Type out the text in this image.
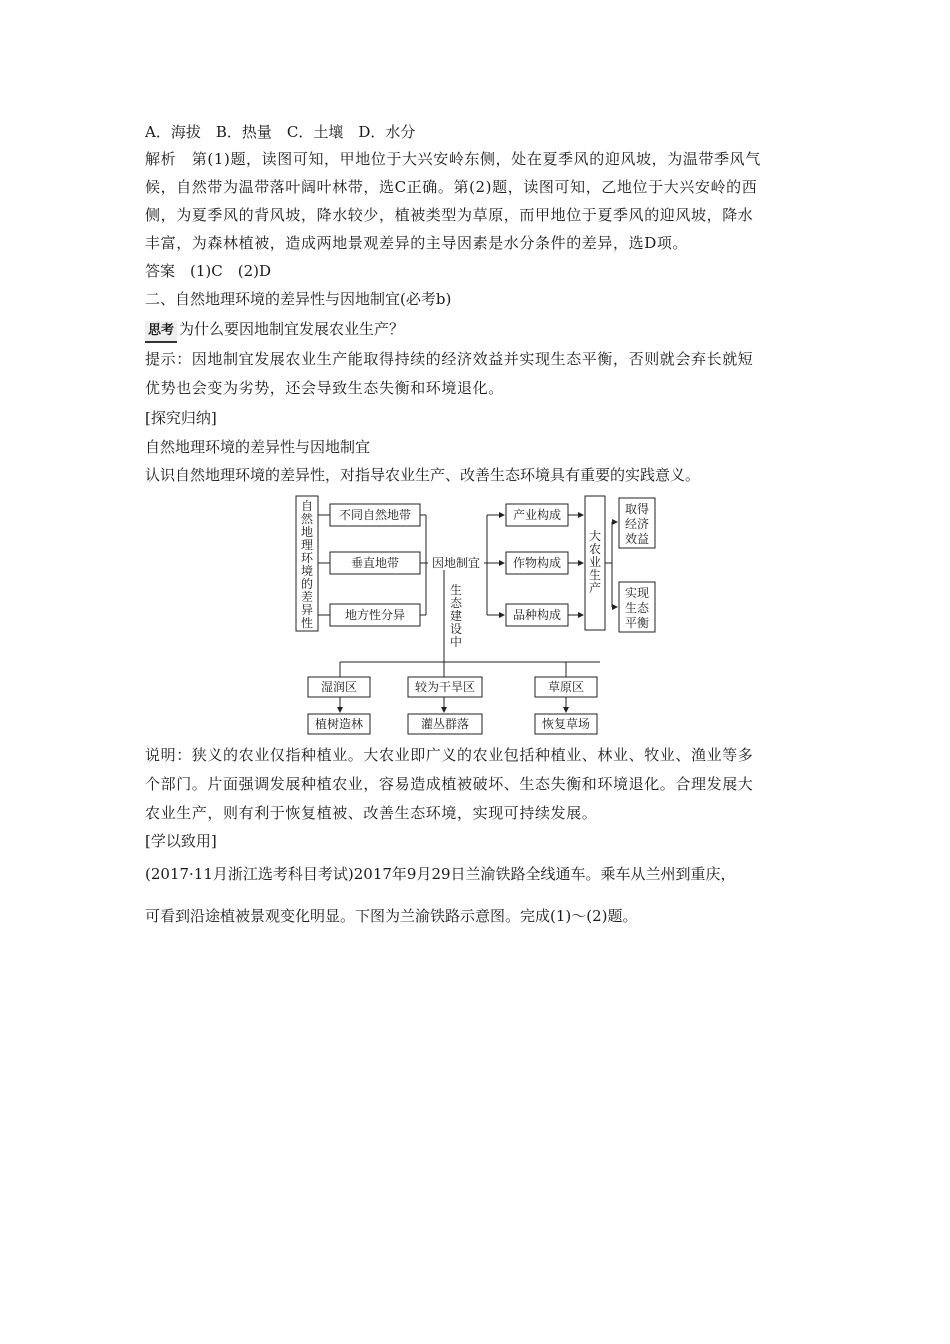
A．海拔　B．热量　C．土壤　D．水分
解析　第(1)题，读图可知，甲地位于大兴安岭东侧，处在夏季风的迎风坡，为温带季风气
候，自然带为温带落叶阔叶林带，选C正确。第(2)题，读图可知，乙地位于大兴安岭的西
侧，为夏季风的背风坡，降水较少，植被类型为草原，而甲地位于夏季风的迎风坡，降水
丰富，为森林植被，造成两地景观差异的主导因素是水分条件的差异，选D项。
答案　(1)C　(2)D
二、自然地理环境的差异性与因地制宜(必考b)
思考 为什么要因地制宜发展农业生产？
提示：因地制宜发展农业生产能取得持续的经济效益并实现生态平衡，否则就会弃长就短
优势也会变为劣势，还会导致生态失衡和环境退化。
[探究归纳]
自然地理环境的差异性与因地制宜
认识自然地理环境的差异性，对指导农业生产、改善生态环境具有重要的实践意义。
自
然
地
理
环
境
的
差
异
性
不同自然地带
垂直地带
地方性分异
因地制宜
产业构成
作物构成
品种构成
大
农
业
生
产
取得
经济
效益
实现
生态
平衡
生
态
建
设
中
湿润区	较为干旱区	草原区
植树造林	灌丛群落	恢复草场
说明：狭义的农业仅指种植业。大农业即广义的农业包括种植业、林业、牧业、渔业等多
个部门。片面强调发展种植农业，容易造成植被破坏、生态失衡和环境退化。合理发展大
农业生产，则有利于恢复植被、改善生态环境，实现可持续发展。
[学以致用]
(2017·11月浙江选考科目考试)2017年9月29日兰渝铁路全线通车。乘车从兰州到重庆，
可看到沿途植被景观变化明显。下图为兰渝铁路示意图。完成(1)～(2)题。
